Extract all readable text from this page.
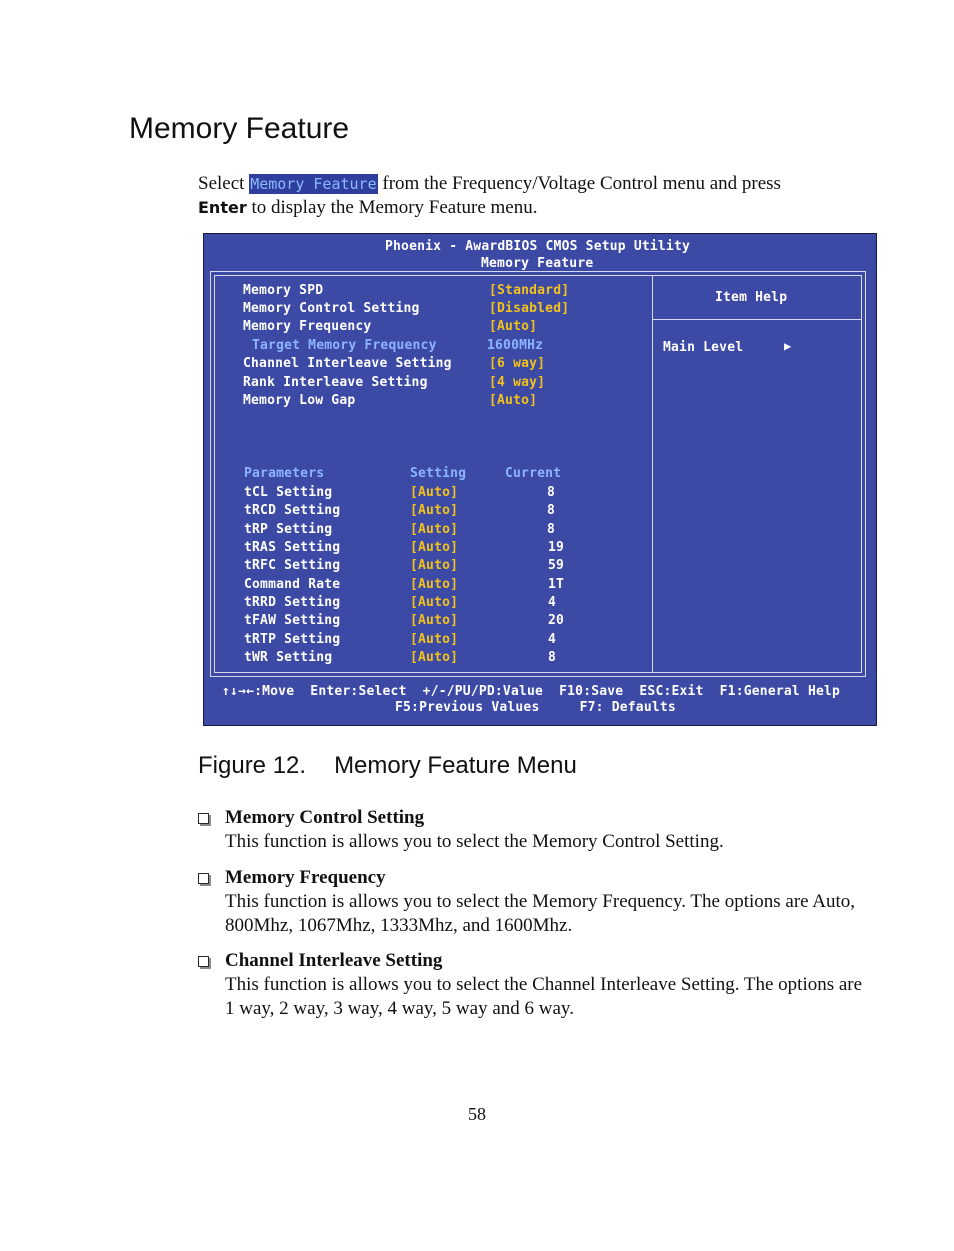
Memory Feature

Select Memory Feature from the Frequency/Voltage Control menu and press
Enter to display the Memory Feature menu.

Phoenix - AwardBIOS CMOS Setup Utility
Memory Feature
Memory SPD	[Standard]
Memory Control Setting	[Disabled]
Memory Frequency	[Auto]
Target Memory Frequency	1600MHz
Channel Interleave Setting	[6 way]
Rank Interleave Setting	[4 way]
Memory Low Gap	[Auto]
Parameters	Setting	Current
tCL Setting	[Auto]	8
tRCD Setting	[Auto]	8
tRP Setting	[Auto]	8
tRAS Setting	[Auto]	19
tRFC Setting	[Auto]	59
Command Rate	[Auto]	1T
tRRD Setting	[Auto]	4
tFAW Setting	[Auto]	20
tRTP Setting	[Auto]	4
tWR Setting	[Auto]	8
Item Help
Main Level	▶
↑↓→←:Move  Enter:Select  +/-/PU/PD:Value  F10:Save  ESC:Exit  F1:General Help
F5:Previous Values     F7: Defaults
Figure 12. Memory Feature Menu
Memory Control Setting

This function is allows you to select the Memory Control Setting.

Memory Frequency

This function is allows you to select the Memory Frequency. The options are Auto, 800Mhz, 1067Mhz, 1333Mhz, and 1600Mhz.

Channel Interleave Setting

This function is allows you to select the Channel Interleave Setting. The options are 1 way, 2 way, 3 way, 4 way, 5 way and 6 way.

58
